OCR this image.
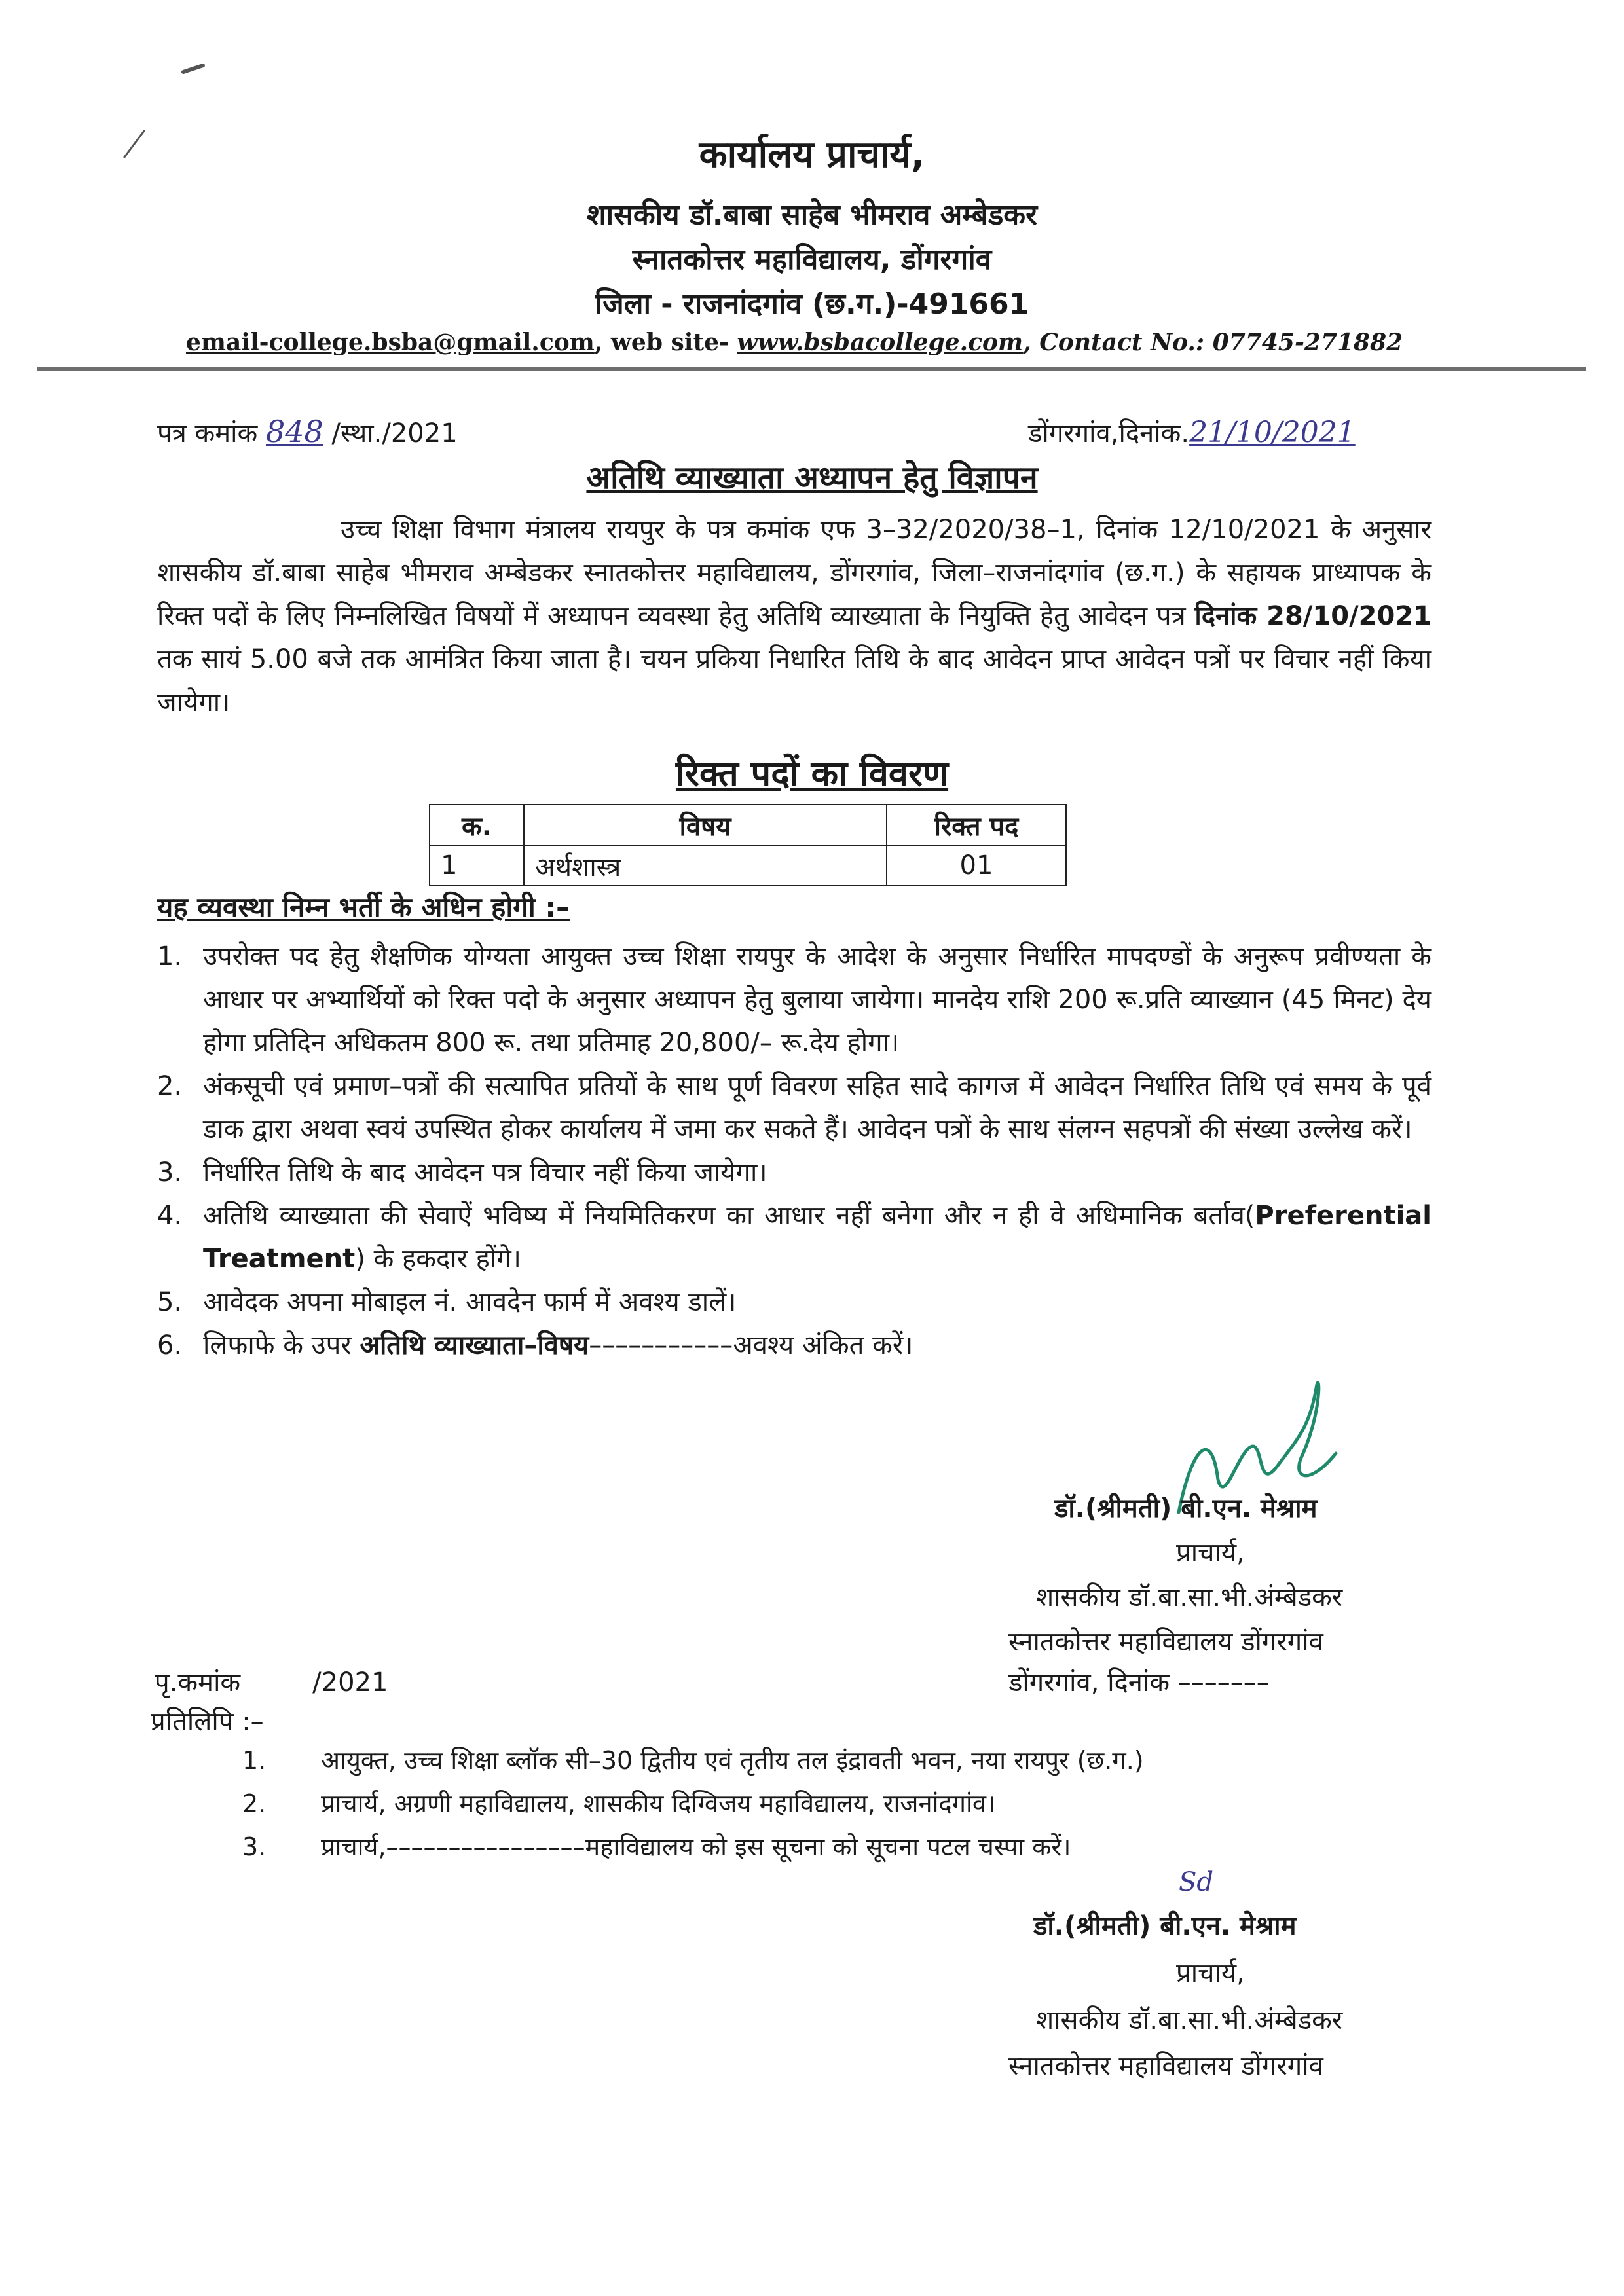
कार्यालय प्राचार्य,
शासकीय डॉ.बाबा साहेब भीमराव अम्बेडकर
स्नातकोत्तर महाविद्यालय, डोंगरगांव
जिला - राजनांदगांव (छ.ग.)-491661
email-college.bsba@gmail.com, web site- www.bsbacollege.com, Contact No.: 07745-271882
पत्र कमांक 848 /स्था./2021	डोंगरगांव,दिनांक.21/10/2021
अतिथि व्याख्याता अध्यापन हेतु विज्ञापन
उच्च शिक्षा विभाग मंत्रालय रायपुर के पत्र कमांक एफ 3–32/2020/38–1, दिनांक 12/10/2021 के अनुसार शासकीय डॉ.बाबा साहेब भीमराव अम्बेडकर स्नातकोत्तर महाविद्यालय, डोंगरगांव, जिला–राजनांदगांव (छ.ग.) के सहायक प्राध्यापक के रिक्त पदों के लिए निम्नलिखित विषयों में अध्यापन व्यवस्था हेतु अतिथि व्याख्याता के नियुक्ति हेतु आवेदन पत्र दिनांक 28/10/2021 तक सायं 5.00 बजे तक आमंत्रित किया जाता है। चयन प्रकिया निधारित तिथि के बाद आवेदन प्राप्त आवेदन पत्रों पर विचार नहीं किया जायेगा।
रिक्त पदों का विवरण
क.	विषय	रिक्त पद
1	अर्थशास्त्र	01
यह व्यवस्था निम्न भर्ती के अधिन होगी :–
1. उपरोक्त पद हेतु शैक्षणिक योग्यता आयुक्त उच्च शिक्षा रायपुर के आदेश के अनुसार निर्धारित मापदण्डों के अनुरूप प्रवीण्यता के आधार पर अभ्यार्थियों को रिक्त पदो के अनुसार अध्यापन हेतु बुलाया जायेगा। मानदेय राशि 200 रू.प्रति व्याख्यान (45 मिनट) देय होगा प्रतिदिन अधिकतम 800 रू. तथा प्रतिमाह 20,800/– रू.देय होगा।
2. अंकसूची एवं प्रमाण–पत्रों की सत्यापित प्रतियों के साथ पूर्ण विवरण सहित सादे कागज में आवेदन निर्धारित तिथि एवं समय के पूर्व डाक द्वारा अथवा स्वयं उपस्थित होकर कार्यालय में जमा कर सकते हैं। आवेदन पत्रों के साथ संलग्न सहपत्रों की संख्या उल्लेख करें।
3. निर्धारित तिथि के बाद आवेदन पत्र विचार नहीं किया जायेगा।
4. अतिथि व्याख्याता की सेवाऐं भविष्य में नियमितिकरण का आधार नहीं बनेगा और न ही वे अधिमानिक बर्ताव(Preferential Treatment) के हकदार होंगे।
5. आवेदक अपना मोबाइल नं. आवदेन फार्म में अवश्य डालें।
6. लिफाफे के उपर अतिथि व्याख्याता–विषय–––––––––––अवश्य अंकित करें।
डॉ.(श्रीमती) बी.एन. मेश्राम
प्राचार्य,
शासकीय डॉ.बा.सा.भी.अंम्बेडकर
स्नातकोत्तर महाविद्यालय डोंगरगांव
पृ.कमांक	/2021	डोंगरगांव, दिनांक –––––––
प्रतिलिपि :–
1. आयुक्त, उच्च शिक्षा ब्लॉक सी–30 द्वितीय एवं तृतीय तल इंद्रावती भवन, नया रायपुर (छ.ग.)
2. प्राचार्य, अग्रणी महाविद्यालय, शासकीय दिग्विजय महाविद्यालय, राजनांदगांव।
3. प्राचार्य,––––––––––––––––महाविद्यालय को इस सूचना को सूचना पटल चस्पा करें।
Sd
डॉ.(श्रीमती) बी.एन. मेश्राम
प्राचार्य,
शासकीय डॉ.बा.सा.भी.अंम्बेडकर
स्नातकोत्तर महाविद्यालय डोंगरगांव
